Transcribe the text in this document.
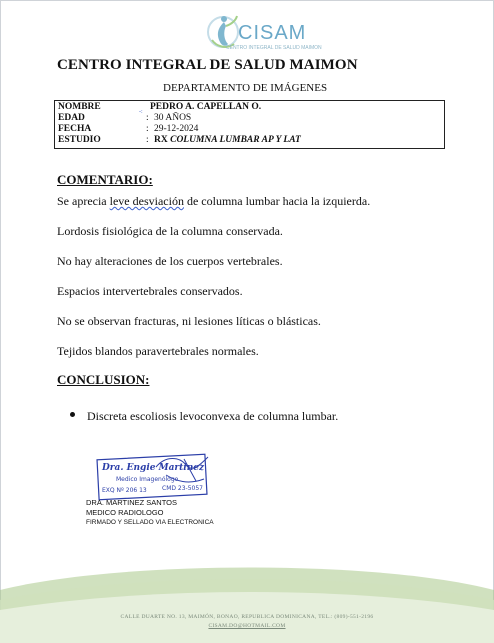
CISAM
CENTRO INTEGRAL DE SALUD MAIMON
CENTRO INTEGRAL DE SALUD MAIMON
DEPARTAMENTO DE IMÁGENES
NOMBRE	-: PEDRO A. CAPELLAN O.
EDAD	: 30 AÑOS
FECHA	: 29-12-2024
ESTUDIO	: RX COLUMNA LUMBAR AP Y LAT
COMENTARIO:
Se aprecia leve desviación de columna lumbar hacia la izquierda.
Lordosis fisiológica de la columna conservada.
No hay alteraciones de los cuerpos vertebrales.
Espacios intervertebrales conservados.
No se observan fracturas, ni lesiones líticas o blásticas.
Tejidos blandos paravertebrales normales.
CONCLUSION:
Discreta escoliosis levoconvexa de columna lumbar.
Dra. Engie Martinez
Medico Imagenólogo
EXQ Nº 206 13	CMD 23-5057
DRA. MARTINEZ SANTOS
MEDICO RADIOLOGO
FIRMADO Y SELLADO VIA ELECTRONICA
CALLE DUARTE NO. 13, MAIMÓN, BONAO, REPUBLICA DOMINICANA, TEL.: (809)-551-2196
CISAM.DO@HOTMAIL.COM
